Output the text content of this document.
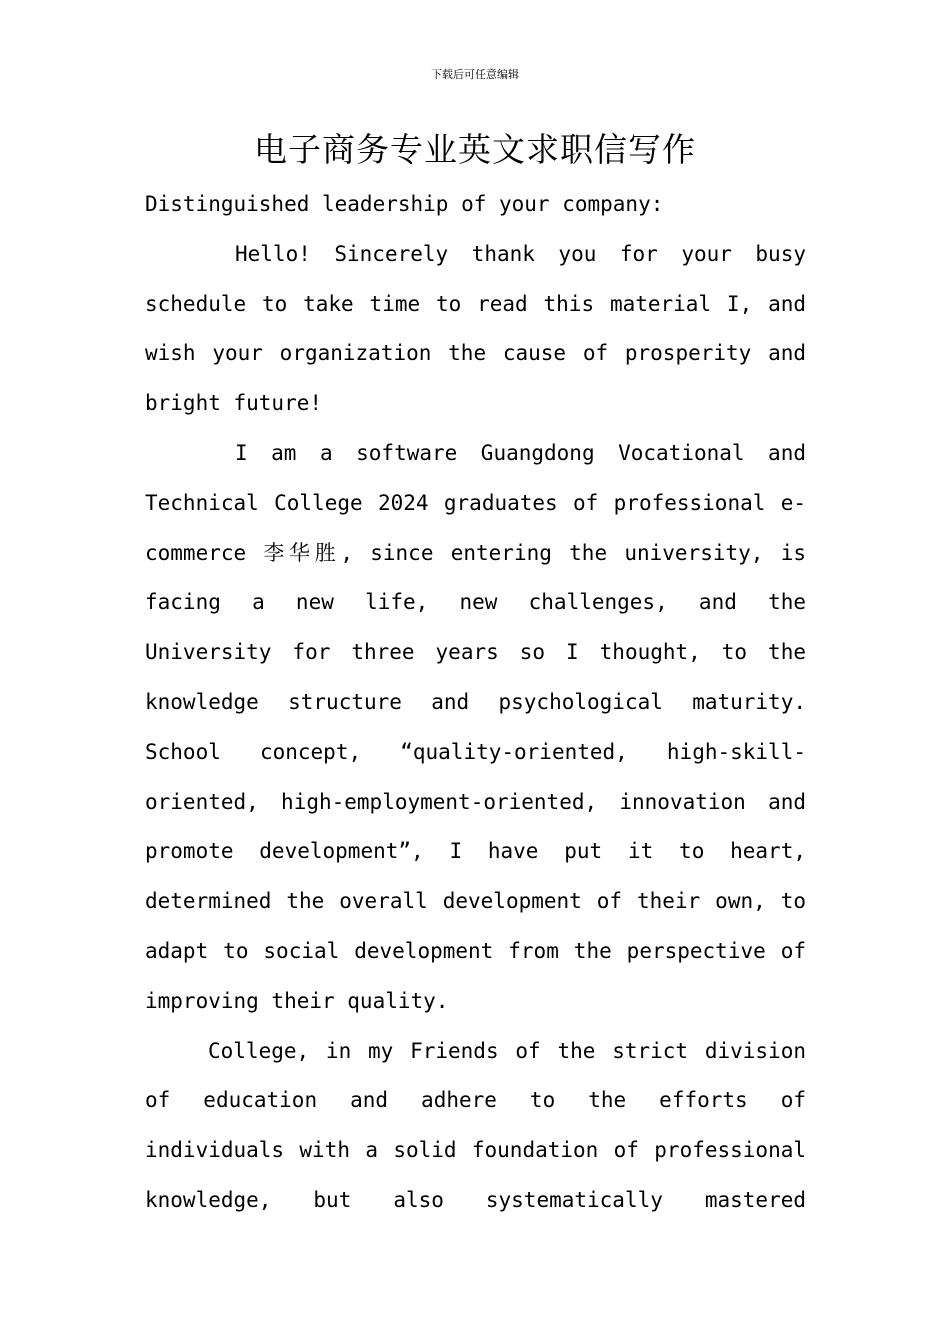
下载后可任意编辑
电子商务专业英文求职信写作

Distinguished leadership of your company:

Hello! Sincerely thank you for your busy schedule to take time to read this material I, and wish your organization the cause of prosperity and bright future!

I am a software Guangdong Vocational and Technical College 2024 graduates of professional e-commerce 李华胜, since entering the university, is facing a new life, new challenges, and the University for three years so I thought, to the knowledge structure and psychological maturity. School concept, “quality-oriented, high-skill-oriented, high-employment-oriented, innovation and promote development”, I have put it to heart, determined the overall development of their own, to adapt to social development from the perspective of improving their quality.

College, in my Friends of the strict division of education and adhere to the efforts of individuals with a solid foundation of professional knowledge, but also systematically mastered
